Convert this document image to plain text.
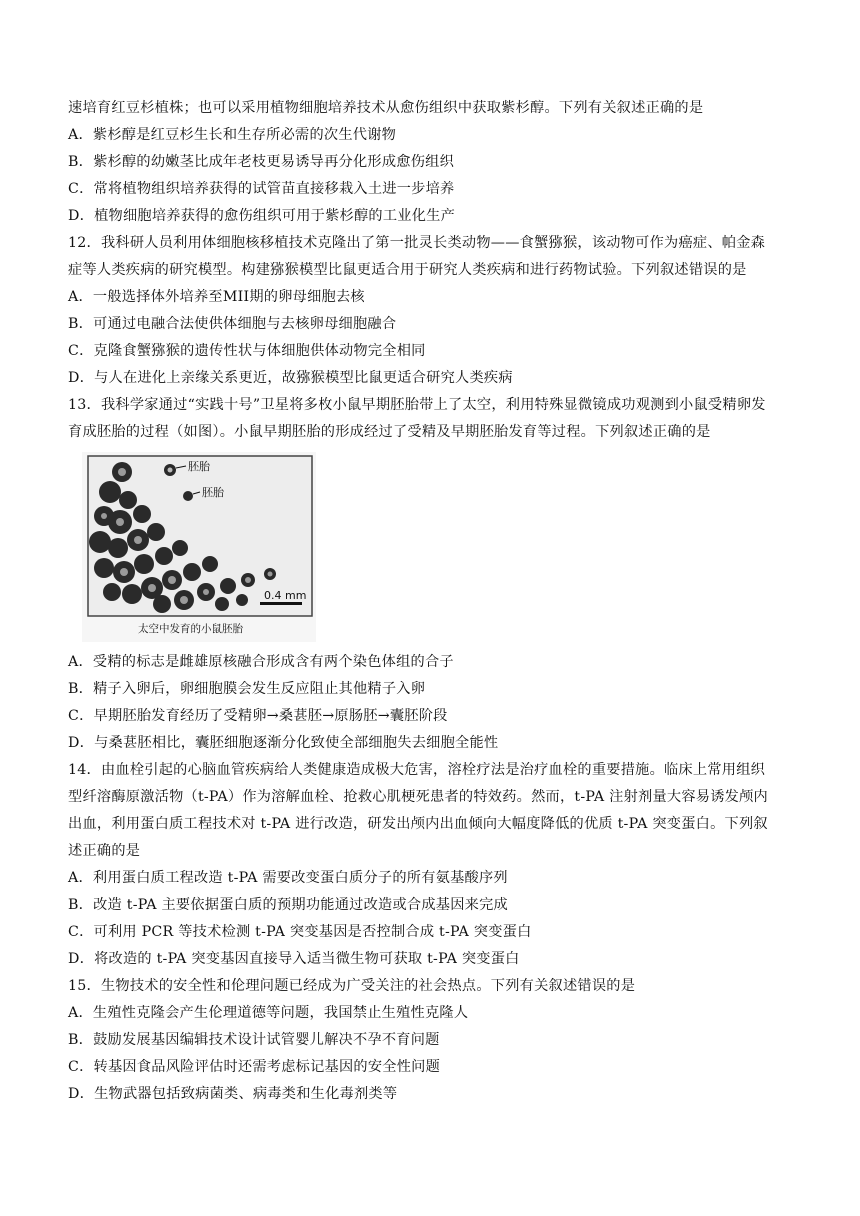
速培育红豆杉植株；也可以采用植物细胞培养技术从愈伤组织中获取紫杉醇。下列有关叙述正确的是
A．紫杉醇是红豆杉生长和生存所必需的次生代谢物
B．紫杉醇的幼嫩茎比成年老枝更易诱导再分化形成愈伤组织
C．常将植物组织培养获得的试管苗直接移栽入土进一步培养
D．植物细胞培养获得的愈伤组织可用于紫杉醇的工业化生产
12．我科研人员利用体细胞核移植技术克隆出了第一批灵长类动物——食蟹猕猴，该动物可作为癌症、帕金森
症等人类疾病的研究模型。构建猕猴模型比鼠更适合用于研究人类疾病和进行药物试验。下列叙述错误的是
A．一般选择体外培养至MII期的卵母细胞去核
B．可通过电融合法使供体细胞与去核卵母细胞融合
C．克隆食蟹猕猴的遗传性状与体细胞供体动物完全相同
D．与人在进化上亲缘关系更近，故猕猴模型比鼠更适合研究人类疾病
13．我科学家通过“实践十号”卫星将多枚小鼠早期胚胎带上了太空，利用特殊显微镜成功观测到小鼠受精卵发
育成胚胎的过程（如图）。小鼠早期胚胎的形成经过了受精及早期胚胎发育等过程。下列叙述正确的是
胚胎
胚胎
0.4 mm
太空中发育的小鼠胚胎
A．受精的标志是雌雄原核融合形成含有两个染色体组的合子
B．精子入卵后，卵细胞膜会发生反应阻止其他精子入卵
C．早期胚胎发育经历了受精卵→桑葚胚→原肠胚→囊胚阶段
D．与桑葚胚相比，囊胚细胞逐渐分化致使全部细胞失去细胞全能性
14．由血栓引起的心脑血管疾病给人类健康造成极大危害，溶栓疗法是治疗血栓的重要措施。临床上常用组织
型纤溶酶原激活物（t-PA）作为溶解血栓、抢救心肌梗死患者的特效药。然而，t-PA 注射剂量大容易诱发颅内
出血，利用蛋白质工程技术对 t-PA 进行改造，研发出颅内出血倾向大幅度降低的优质 t-PA 突变蛋白。下列叙
述正确的是
A．利用蛋白质工程改造 t-PA 需要改变蛋白质分子的所有氨基酸序列
B．改造 t-PA 主要依据蛋白质的预期功能通过改造或合成基因来完成
C．可利用 PCR 等技术检测 t-PA 突变基因是否控制合成 t-PA 突变蛋白
D．将改造的 t-PA 突变基因直接导入适当微生物可获取 t-PA 突变蛋白
15．生物技术的安全性和伦理问题已经成为广受关注的社会热点。下列有关叙述错误的是
A．生殖性克隆会产生伦理道德等问题，我国禁止生殖性克隆人
B．鼓励发展基因编辑技术设计试管婴儿解决不孕不育问题
C．转基因食品风险评估时还需考虑标记基因的安全性问题
D．生物武器包括致病菌类、病毒类和生化毒剂类等
